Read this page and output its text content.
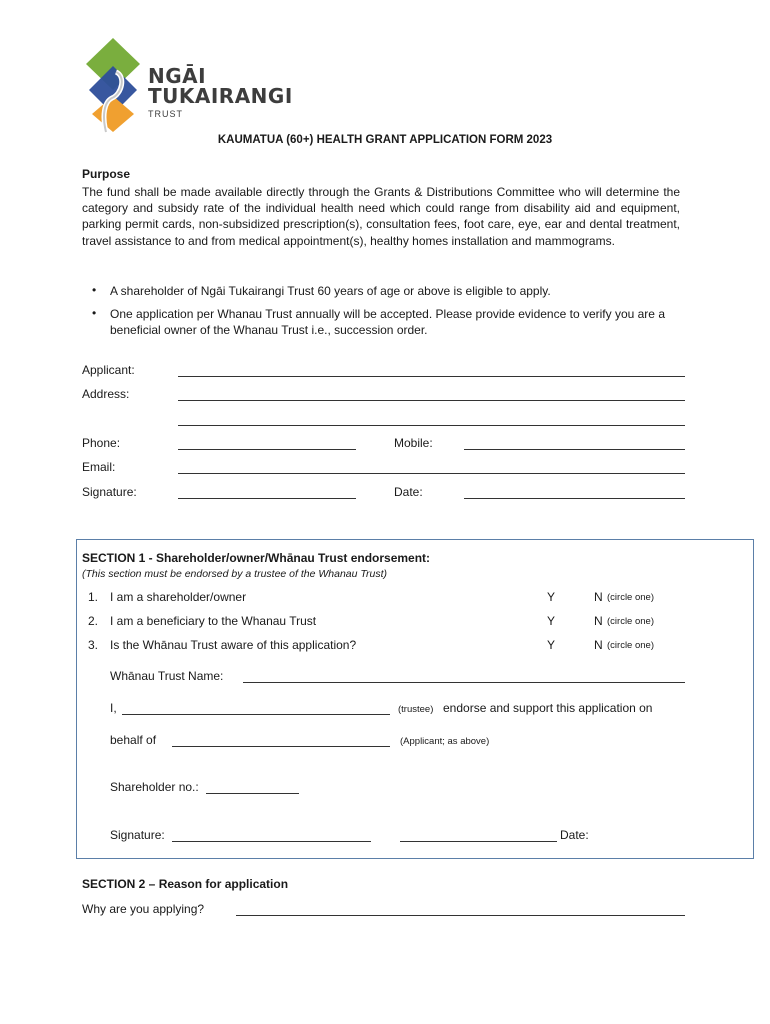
NGĀI
TUKAIRANGI
TRUST
KAUMATUA (60+) HEALTH GRANT APPLICATION FORM 2023
Purpose
The fund shall be made available directly through the Grants & Distributions Committee who will determine the category and subsidy rate of the individual health need which could range from disability aid and equipment, parking permit cards, non-subsidized prescription(s), consultation fees, foot care, eye, ear and dental treatment, travel assistance to and from medical appointment(s), healthy homes installation and mammograms.
• A shareholder of Ngāi Tukairangi Trust 60 years of age or above is eligible to apply.
• One application per Whanau Trust annually will be accepted. Please provide evidence to verify you are a beneficial owner of the Whanau Trust i.e., succession order.
Applicant:
Address:
Phone:	Mobile:
Email:
Signature:	Date:
SECTION 1 - Shareholder/owner/Whānau Trust endorsement:
(This section must be endorsed by a trustee of the Whanau Trust)
1. I am a shareholder/owner	Y	N (circle one)
2. I am a beneficiary to the Whanau Trust	Y	N (circle one)
3. Is the Whānau Trust aware of this application?	Y	N (circle one)
Whānau Trust Name:
I,	(trustee) endorse and support this application on
behalf of	(Applicant; as above)
Shareholder no.:
Signature:	Date:
SECTION 2 – Reason for application
Why are you applying?
